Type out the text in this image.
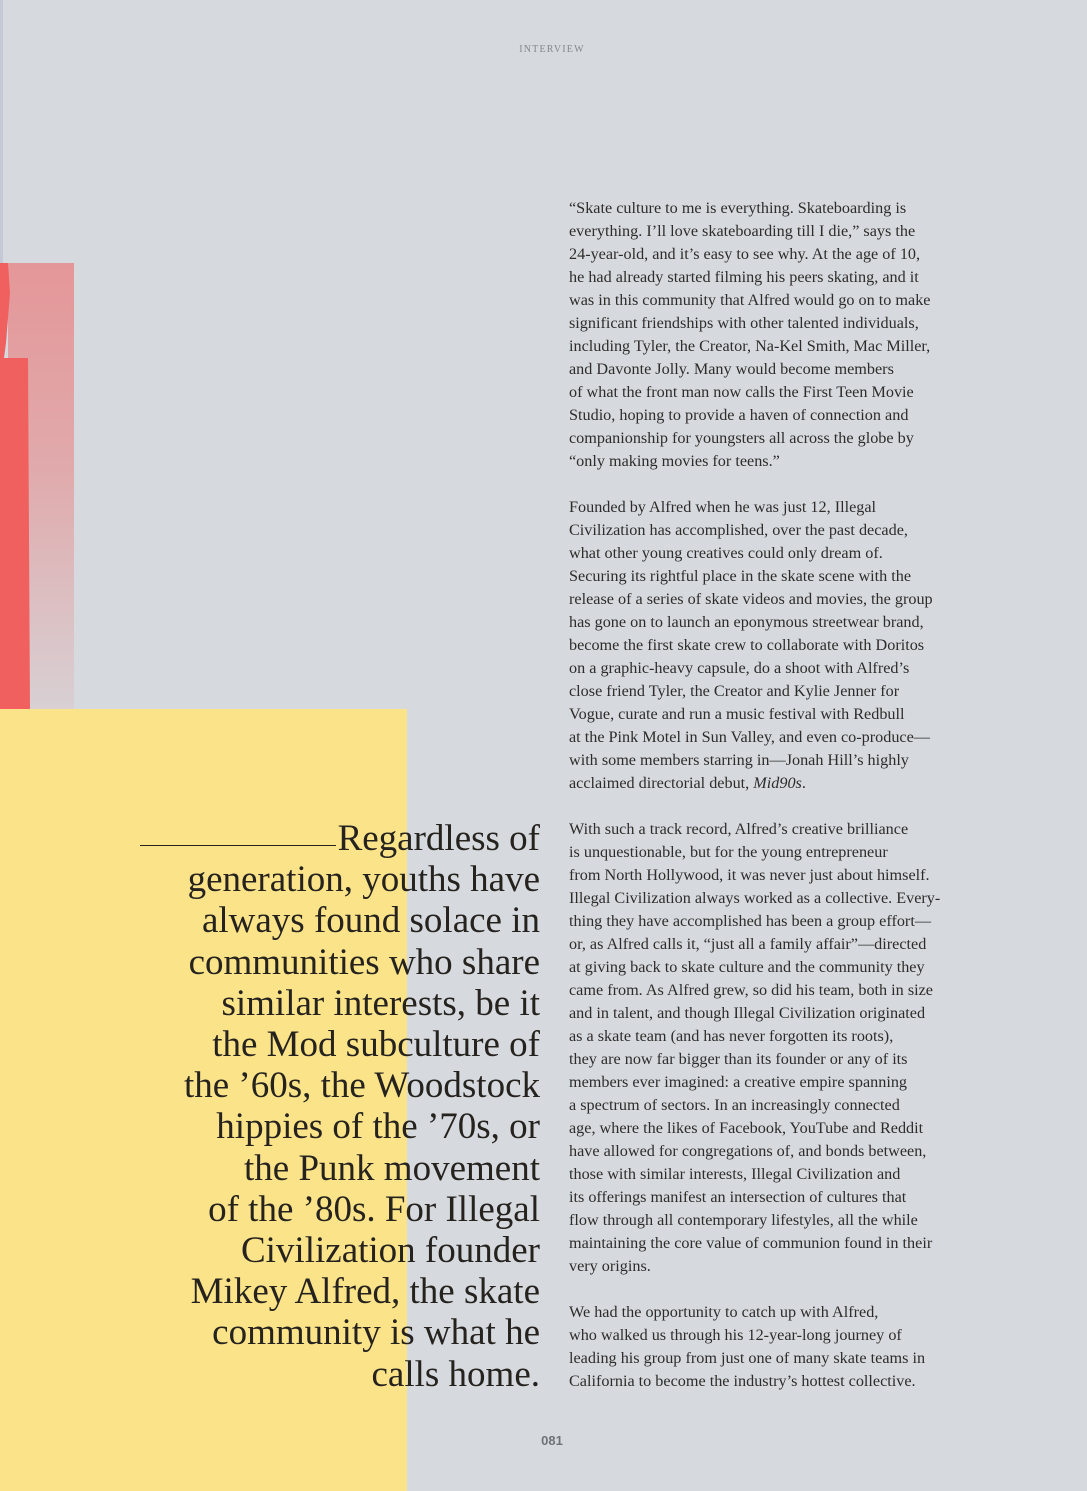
INTERVIEW
Regardless of
generation, youths have
always found solace in
communities who share
similar interests, be it
the Mod subculture of
the ’60s, the Woodstock
hippies of the ’70s, or
the Punk movement
of the ’80s. For Illegal
Civilization founder
Mikey Alfred, the skate
community is what he
calls home.

“Skate culture to me is everything. Skateboarding is
everything. I’ll love skateboarding till I die,” says the
24-year-old, and it’s easy to see why. At the age of 10,
he had already started filming his peers skating, and it
was in this community that Alfred would go on to make
significant friendships with other talented individuals,
including Tyler, the Creator, Na-Kel Smith, Mac Miller,
and Davonte Jolly. Many would become members
of what the front man now calls the First Teen Movie
Studio, hoping to provide a haven of connection and
companionship for youngsters all across the globe by
“only making movies for teens.”

Founded by Alfred when he was just 12, Illegal
Civilization has accomplished, over the past decade,
what other young creatives could only dream of.
Securing its rightful place in the skate scene with the
release of a series of skate videos and movies, the group
has gone on to launch an eponymous streetwear brand,
become the first skate crew to collaborate with Doritos
on a graphic-heavy capsule, do a shoot with Alfred’s
close friend Tyler, the Creator and Kylie Jenner for
Vogue, curate and run a music festival with Redbull
at the Pink Motel in Sun Valley, and even co-produce—
with some members starring in—Jonah Hill’s highly
acclaimed directorial debut, Mid90s.

With such a track record, Alfred’s creative brilliance
is unquestionable, but for the young entrepreneur
from North Hollywood, it was never just about himself.
Illegal Civilization always worked as a collective. Every-
thing they have accomplished has been a group effort—
or, as Alfred calls it, “just all a family affair”—directed
at giving back to skate culture and the community they
came from. As Alfred grew, so did his team, both in size
and in talent, and though Illegal Civilization originated
as a skate team (and has never forgotten its roots),
they are now far bigger than its founder or any of its
members ever imagined: a creative empire spanning
a spectrum of sectors. In an increasingly connected
age, where the likes of Facebook, YouTube and Reddit
have allowed for congregations of, and bonds between,
those with similar interests, Illegal Civilization and
its offerings manifest an intersection of cultures that
flow through all contemporary lifestyles, all the while
maintaining the core value of communion found in their
very origins.

We had the opportunity to catch up with Alfred,
who walked us through his 12-year-long journey of
leading his group from just one of many skate teams in
California to become the industry’s hottest collective.

081
